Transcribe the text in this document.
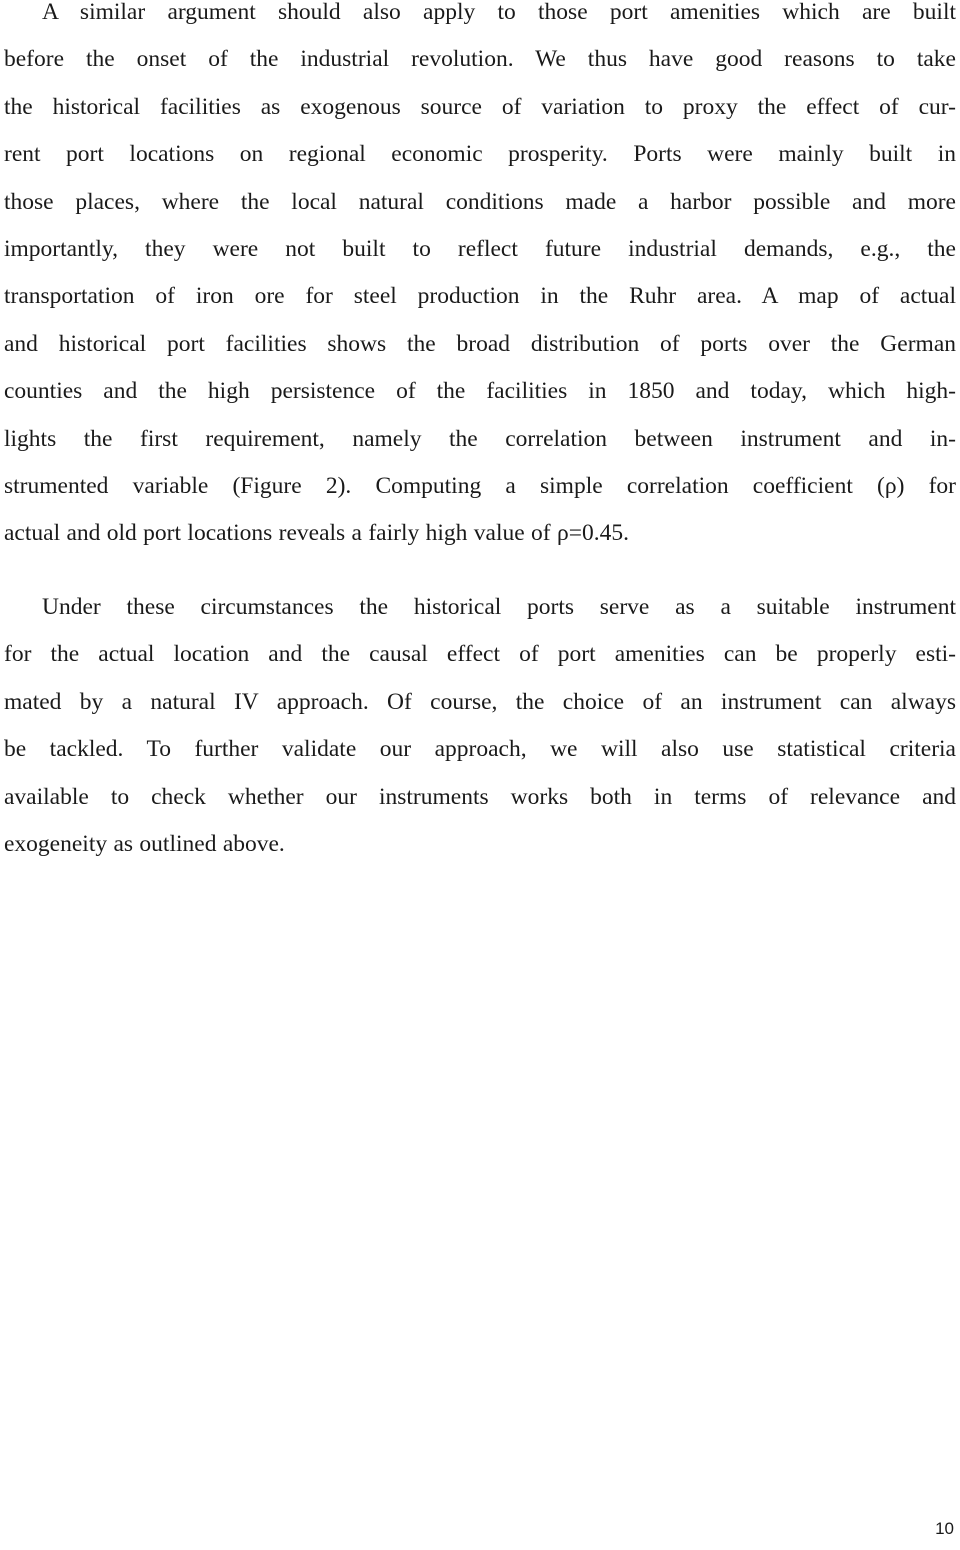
A similar argument should also apply to those port amenities which are built
before the onset of the industrial revolution. We thus have good reasons to take
the historical facilities as exogenous source of variation to proxy the effect of cur-
rent port locations on regional economic prosperity. Ports were mainly built in
those places, where the local natural conditions made a harbor possible and more
importantly, they were not built to reflect future industrial demands, e.g., the
transportation of iron ore for steel production in the Ruhr area. A map of actual
and historical port facilities shows the broad distribution of ports over the German
counties and the high persistence of the facilities in 1850 and today, which high-
lights the first requirement, namely the correlation between instrument and in-
strumented variable (Figure 2). Computing a simple correlation coefficient (ρ) for
actual and old port locations reveals a fairly high value of ρ=0.45.
Under these circumstances the historical ports serve as a suitable instrument
for the actual location and the causal effect of port amenities can be properly esti-
mated by a natural IV approach. Of course, the choice of an instrument can always
be tackled. To further validate our approach, we will also use statistical criteria
available to check whether our instruments works both in terms of relevance and
exogeneity as outlined above.
10
